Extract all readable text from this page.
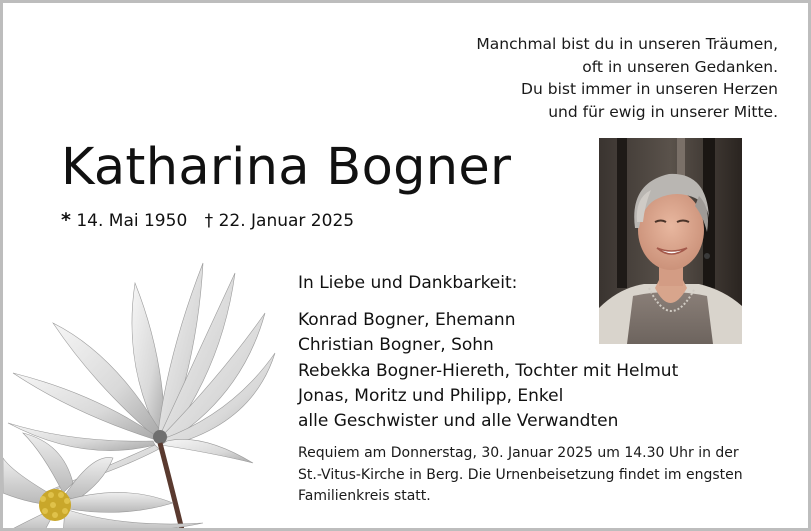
Manchmal bist du in unseren Träumen,
oft in unseren Gedanken.
Du bist immer in unseren Herzen
und für ewig in unserer Mitte.
Katharina Bogner
* 14. Mai 1950 † 22. Januar 2025
In Liebe und Dankbarkeit:
Konrad Bogner, Ehemann
Christian Bogner, Sohn
Rebekka Bogner-Hiereth, Tochter mit Helmut
Jonas, Moritz und Philipp, Enkel
alle Geschwister und alle Verwandten
Requiem am Donnerstag, 30. Januar 2025 um 14.30 Uhr in der
St.-Vitus-Kirche in Berg. Die Urnenbeisetzung findet im engsten
Familienkreis statt.
